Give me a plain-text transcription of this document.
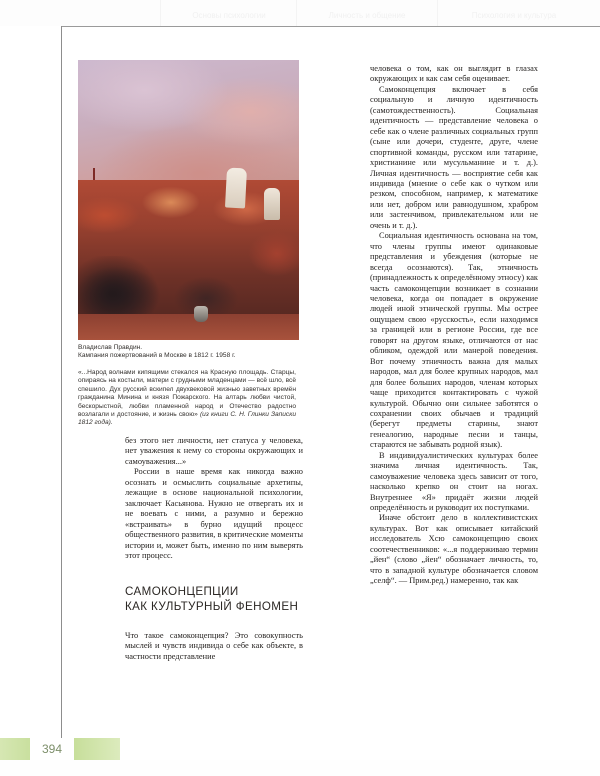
Основы психологии	Личность и общение	Психология и культура

Владислав Правдин.

Кампания пожертвований в Москве в 1812 г. 1958 г.

«...Народ волнами кипящими стекался на Красную площадь. Старцы, опираясь на костыли, матери с грудными младенцами — всё шло, всё спешило. Дух русский вскипел двухвековой жизнью заветных времён гражданина Минина и князя Пожарского. На алтарь любви чистой, бескорыстной, любви пламенной народ и Отечество радостно возлагали и достояние, и жизнь свою» (из книги С. Н. Глинки Записки 1812 года).

без этого нет личности, нет статуса у человека, нет уважения к нему со стороны окружающих и самоуважения...»

России в наше время как никогда важно осознать и осмыслить социальные архетипы, лежащие в основе национальной психологии, заключает Касьянова. Нужно не отвергать их и не воевать с ними, а разумно и бережно «встраивать» в бурно идущий процесс общественного развития, в критические моменты истории и, может быть, именно по ним выверять этот процесс.

САМОКОНЦЕПЦИИ
КАК КУЛЬТУРНЫЙ ФЕНОМЕН

Что такое самоконцепция? Это совокупность мыслей и чувств индивида о себе как объекте, в частности представление

человека о том, как он выглядит в глазах окружающих и как сам себя оценивает.

Самоконцепция включает в себя социальную и личную идентичность (самотождественность). Социальная идентичность — представление человека о себе как о члене различных социальных групп (сыне или дочери, студенте, друге, члене спортивной команды, русском или татарине, христианине или мусульманине и т. д.). Личная идентичность — восприятие себя как индивида (мнение о себе как о чутком или резком, способном, например, к математике или нет, добром или равнодушном, храбром или застенчивом, привлекательном или не очень и т. д.).

Социальная идентичность основана на том, что члены группы имеют одинаковые представления и убеждения (которые не всегда осознаются). Так, этничность (принадлежность к определённому этносу) как часть самоконцепции возникает в сознании человека, когда он попадает в окружение людей иной этнической группы. Мы острее ощущаем свою «русскость», если находимся за границей или в регионе России, где все говорят на другом языке, отличаются от нас обликом, одеждой или манерой поведения. Вот почему этничность важна для малых народов, мал для более крупных народов, мал для более больших народов, членам которых чаще приходится контактировать с чужой культурой. Обычно они сильнее заботятся о сохранении своих обычаев и традиций (берегут предметы старины, знают генеалогию, народные песни и танцы, стараются не забывать родной язык).

В индивидуалистических культурах более значима личная идентичность. Так, самоуважение человека здесь зависит от того, насколько крепко он стоит на ногах. Внутреннее «Я» придаёт жизни людей определённость и руководит их поступками.

Иначе обстоит дело в коллективистских культурах. Вот как описывает китайский исследователь Хсю самоконцепцию своих соотечественников: «...я поддерживаю термин „йен“ (слово „йен“ обозначает личность, то, что в западной культуре обозначается словом „селф“. — Прим.ред.) намеренно, так как

394
